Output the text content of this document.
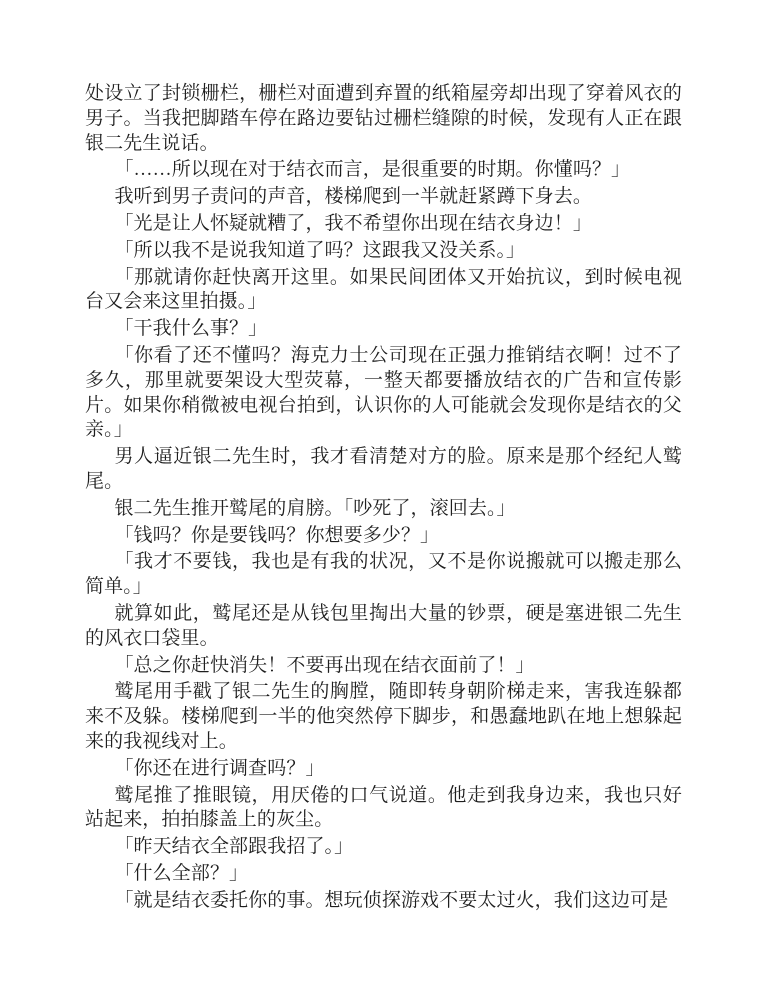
处设立了封锁栅栏，栅栏对面遭到弃置的纸箱屋旁却出现了穿着风衣的男子。当我把脚踏车停在路边要钻过栅栏缝隙的时候，发现有人正在跟银二先生说话。

「……所以现在对于结衣而言，是很重要的时期。你懂吗？」

我听到男子责问的声音，楼梯爬到一半就赶紧蹲下身去。

「光是让人怀疑就糟了，我不希望你出现在结衣身边！」

「所以我不是说我知道了吗？这跟我又没关系。」

「那就请你赶快离开这里。如果民间团体又开始抗议，到时候电视台又会来这里拍摄。」

「干我什么事？」

「你看了还不懂吗？海克力士公司现在正强力推销结衣啊！过不了多久，那里就要架设大型荧幕，一整天都要播放结衣的广告和宣传影片。如果你稍微被电视台拍到，认识你的人可能就会发现你是结衣的父亲。」

男人逼近银二先生时，我才看清楚对方的脸。原来是那个经纪人鹫尾。

银二先生推开鹫尾的肩膀。「吵死了，滚回去。」

「钱吗？你是要钱吗？你想要多少？」

「我才不要钱，我也是有我的状况，又不是你说搬就可以搬走那么简单。」

就算如此，鹫尾还是从钱包里掏出大量的钞票，硬是塞进银二先生的风衣口袋里。

「总之你赶快消失！不要再出现在结衣面前了！」

鹫尾用手戳了银二先生的胸膛，随即转身朝阶梯走来，害我连躲都来不及躲。楼梯爬到一半的他突然停下脚步，和愚蠢地趴在地上想躲起来的我视线对上。

「你还在进行调查吗？」

鹫尾推了推眼镜，用厌倦的口气说道。他走到我身边来，我也只好站起来，拍拍膝盖上的灰尘。

「昨天结衣全部跟我招了。」

「什么全部？」

「就是结衣委托你的事。想玩侦探游戏不要太过火，我们这边可是
